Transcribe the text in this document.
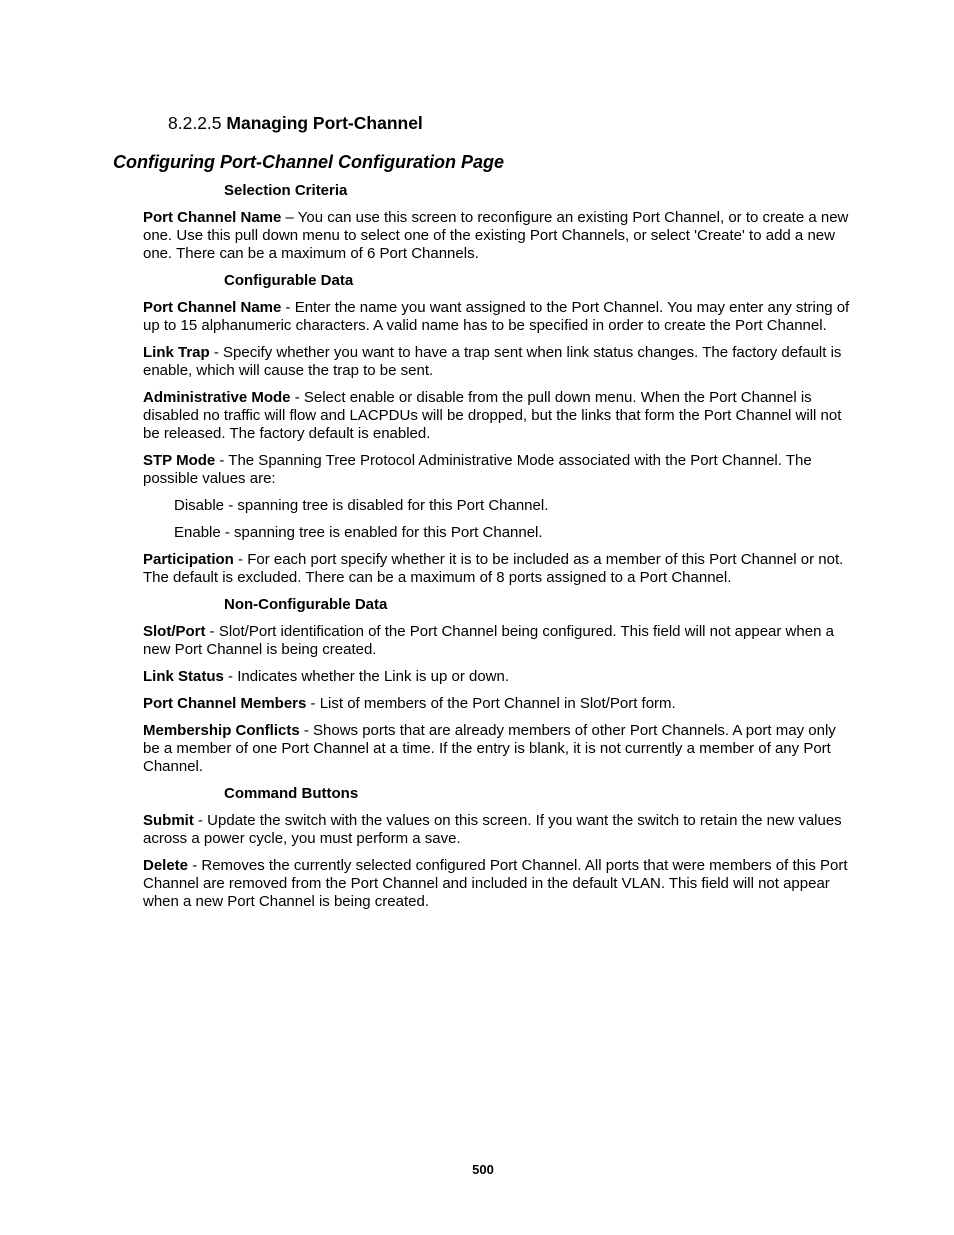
8.2.2.5 Managing Port-Channel
Configuring Port-Channel Configuration Page
Selection Criteria

Port Channel Name – You can use this screen to reconfigure an existing Port Channel, or to create a new one. Use this pull down menu to select one of the existing Port Channels, or select 'Create' to add a new one. There can be a maximum of 6 Port Channels.

Configurable Data

Port Channel Name - Enter the name you want assigned to the Port Channel. You may enter any string of up to 15 alphanumeric characters. A valid name has to be specified in order to create the Port Channel.

Link Trap - Specify whether you want to have a trap sent when link status changes. The factory default is enable, which will cause the trap to be sent.

Administrative Mode - Select enable or disable from the pull down menu. When the Port Channel is disabled no traffic will flow and LACPDUs will be dropped, but the links that form the Port Channel will not be released. The factory default is enabled.

STP Mode - The Spanning Tree Protocol Administrative Mode associated with the Port Channel. The possible values are:

Disable - spanning tree is disabled for this Port Channel.

Enable - spanning tree is enabled for this Port Channel.

Participation - For each port specify whether it is to be included as a member of this Port Channel or not. The default is excluded. There can be a maximum of 8 ports assigned to a Port Channel.

Non-Configurable Data

Slot/Port - Slot/Port identification of the Port Channel being configured. This field will not appear when a new Port Channel is being created.

Link Status - Indicates whether the Link is up or down.

Port Channel Members - List of members of the Port Channel in Slot/Port form.

Membership Conflicts - Shows ports that are already members of other Port Channels. A port may only be a member of one Port Channel at a time. If the entry is blank, it is not currently a member of any Port Channel.

Command Buttons

Submit - Update the switch with the values on this screen. If you want the switch to retain the new values across a power cycle, you must perform a save.

Delete - Removes the currently selected configured Port Channel. All ports that were members of this Port Channel are removed from the Port Channel and included in the default VLAN. This field will not appear when a new Port Channel is being created.

500
